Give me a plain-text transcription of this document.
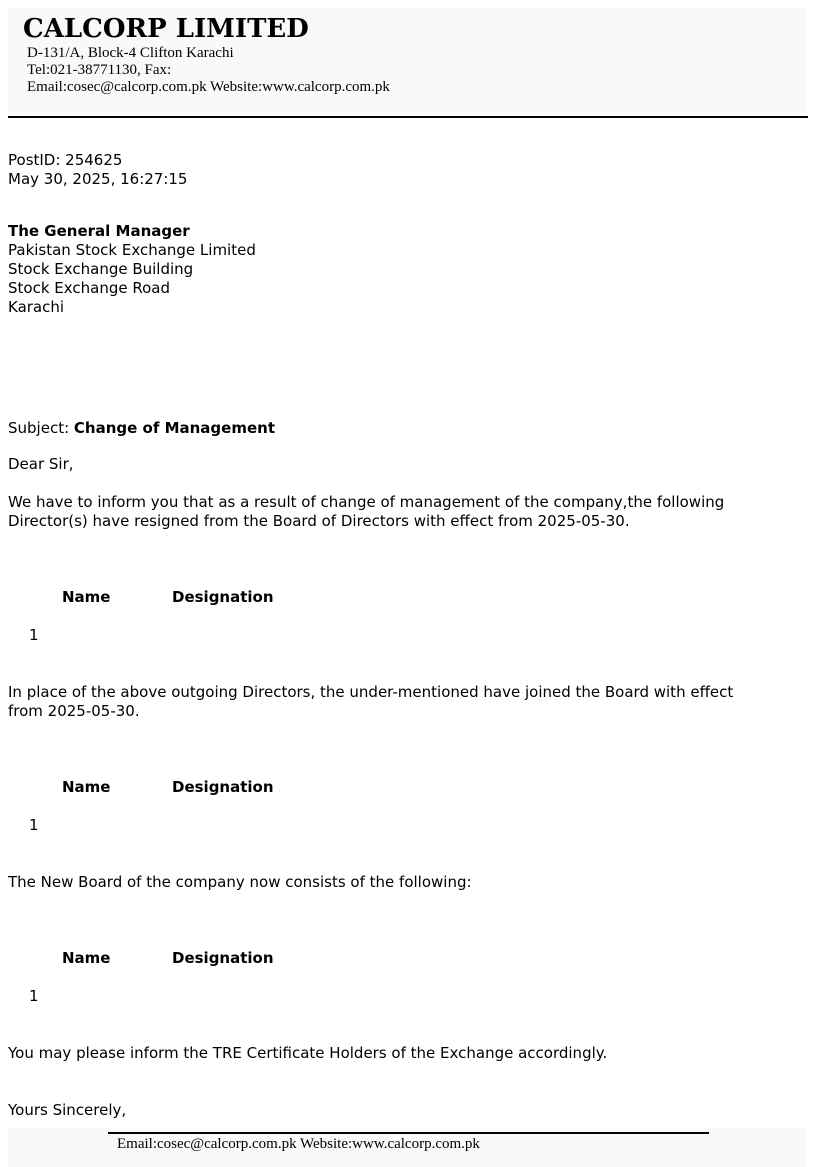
CALCORP LIMITED
D-131/A, Block-4 Clifton Karachi
Tel:021-38771130, Fax:
Email:cosec@calcorp.com.pk Website:www.calcorp.com.pk
PostID: 254625
May 30, 2025, 16:27:15
The General Manager
Pakistan Stock Exchange Limited
Stock Exchange Building
Stock Exchange Road
Karachi
Subject: Change of Management
Dear Sir,
We have to inform you that as a result of change of management of the company,the following
Director(s) have resigned from the Board of Directors with effect from 2025-05-30.
Name	Designation
1
In place of the above outgoing Directors, the under-mentioned have joined the Board with effect
from 2025-05-30.
Name	Designation
1
The New Board of the company now consists of the following:
Name	Designation
1
You may please inform the TRE Certificate Holders of the Exchange accordingly.
Yours Sincerely,
Email:cosec@calcorp.com.pk Website:www.calcorp.com.pk
